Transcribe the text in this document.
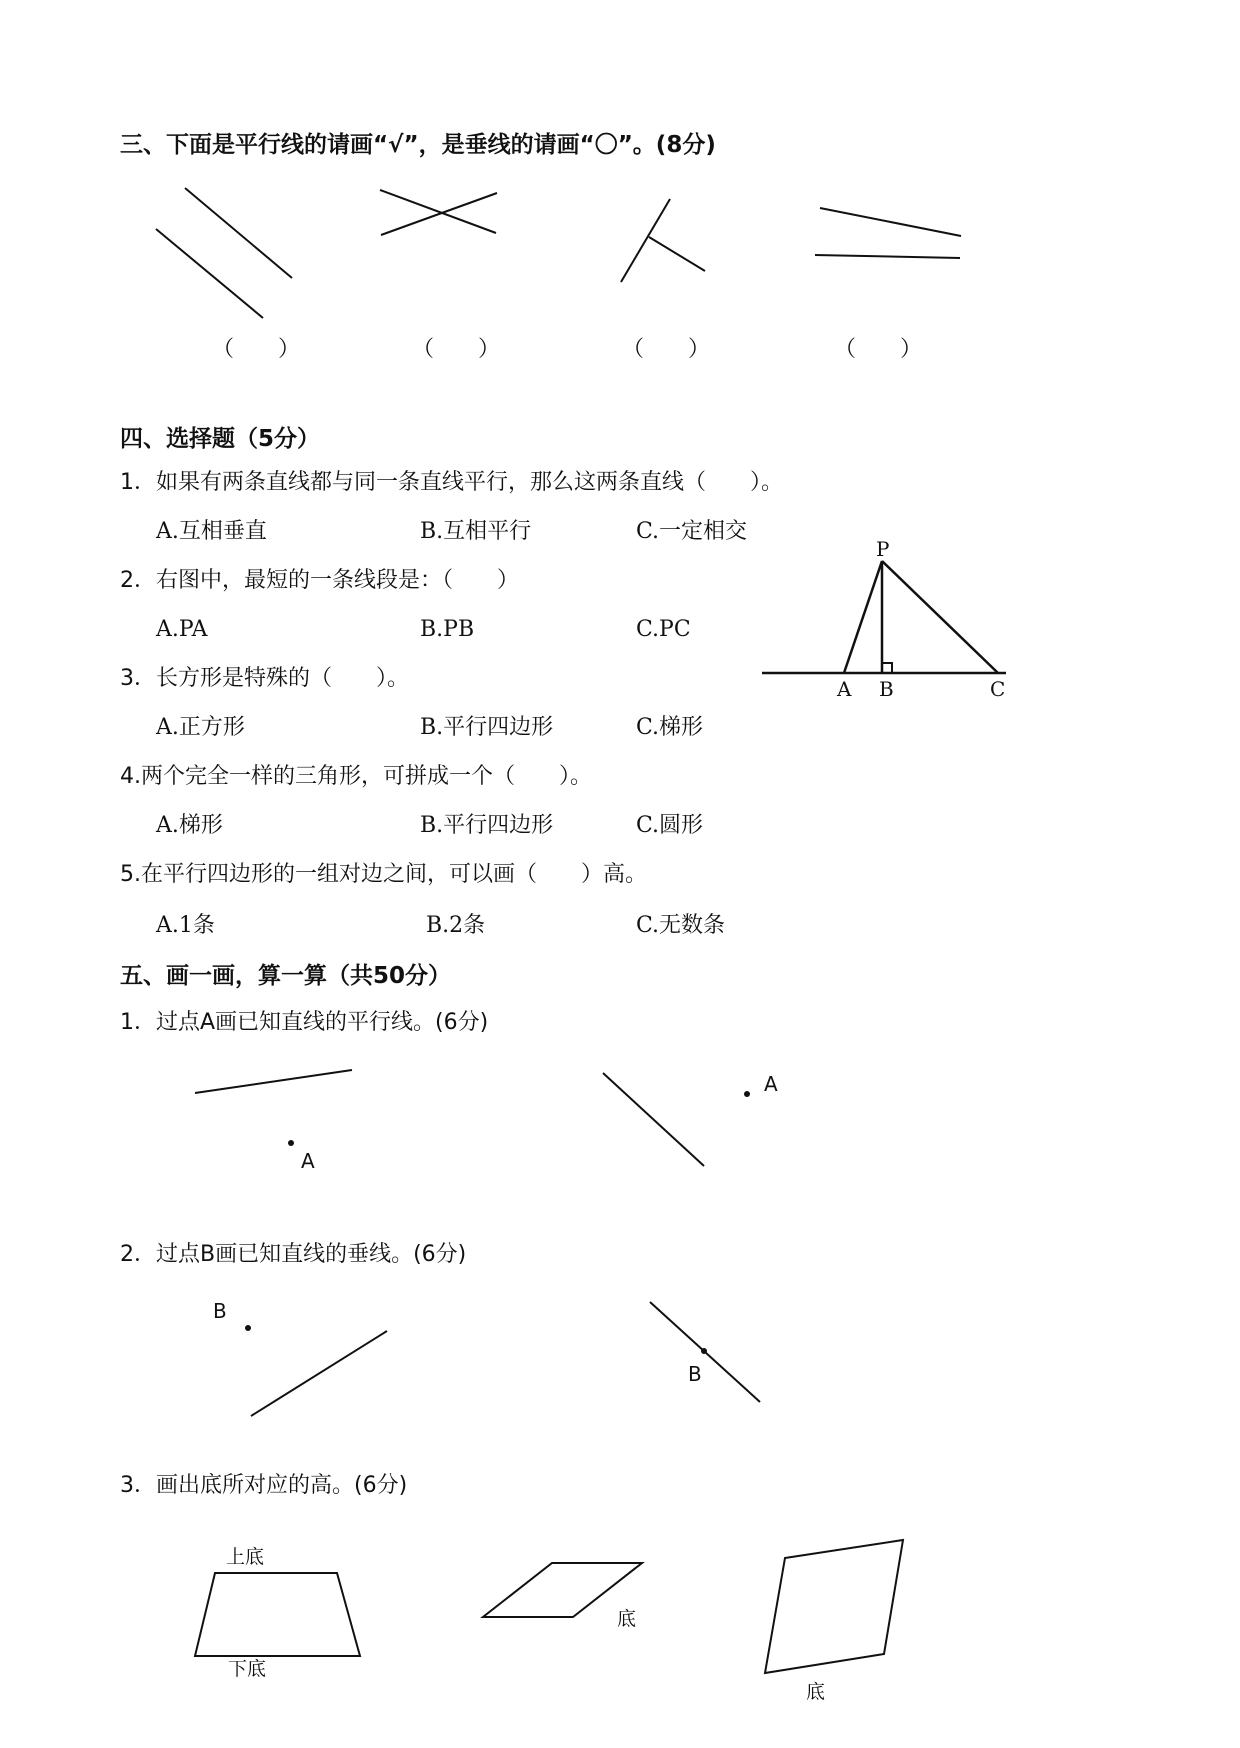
三、下面是平行线的请画“√”，是垂线的请画“〇”。(8分)
P
A B	C
A
A
B
B
上底
下底
底
底
（　　）	（　　）	（　　）	（　　）
四、选择题（5分）
1．如果有两条直线都与同一条直线平行，那么这两条直线（　　）。
A.互相垂直	B.互相平行	C.一定相交
2．右图中，最短的一条线段是：（　　）
A.PA	B.PB	C.PC
3．长方形是特殊的（　　）。
A.正方形	B.平行四边形	C.梯形
4.两个完全一样的三角形，可拼成一个（　　）。
A.梯形	B.平行四边形	C.圆形
5.在平行四边形的一组对边之间，可以画（　　）高。
A.1条	B.2条	C.无数条
五、画一画，算一算（共50分）
1．过点A画已知直线的平行线。(6分)
2．过点B画已知直线的垂线。(6分)
3．画出底所对应的高。(6分)
